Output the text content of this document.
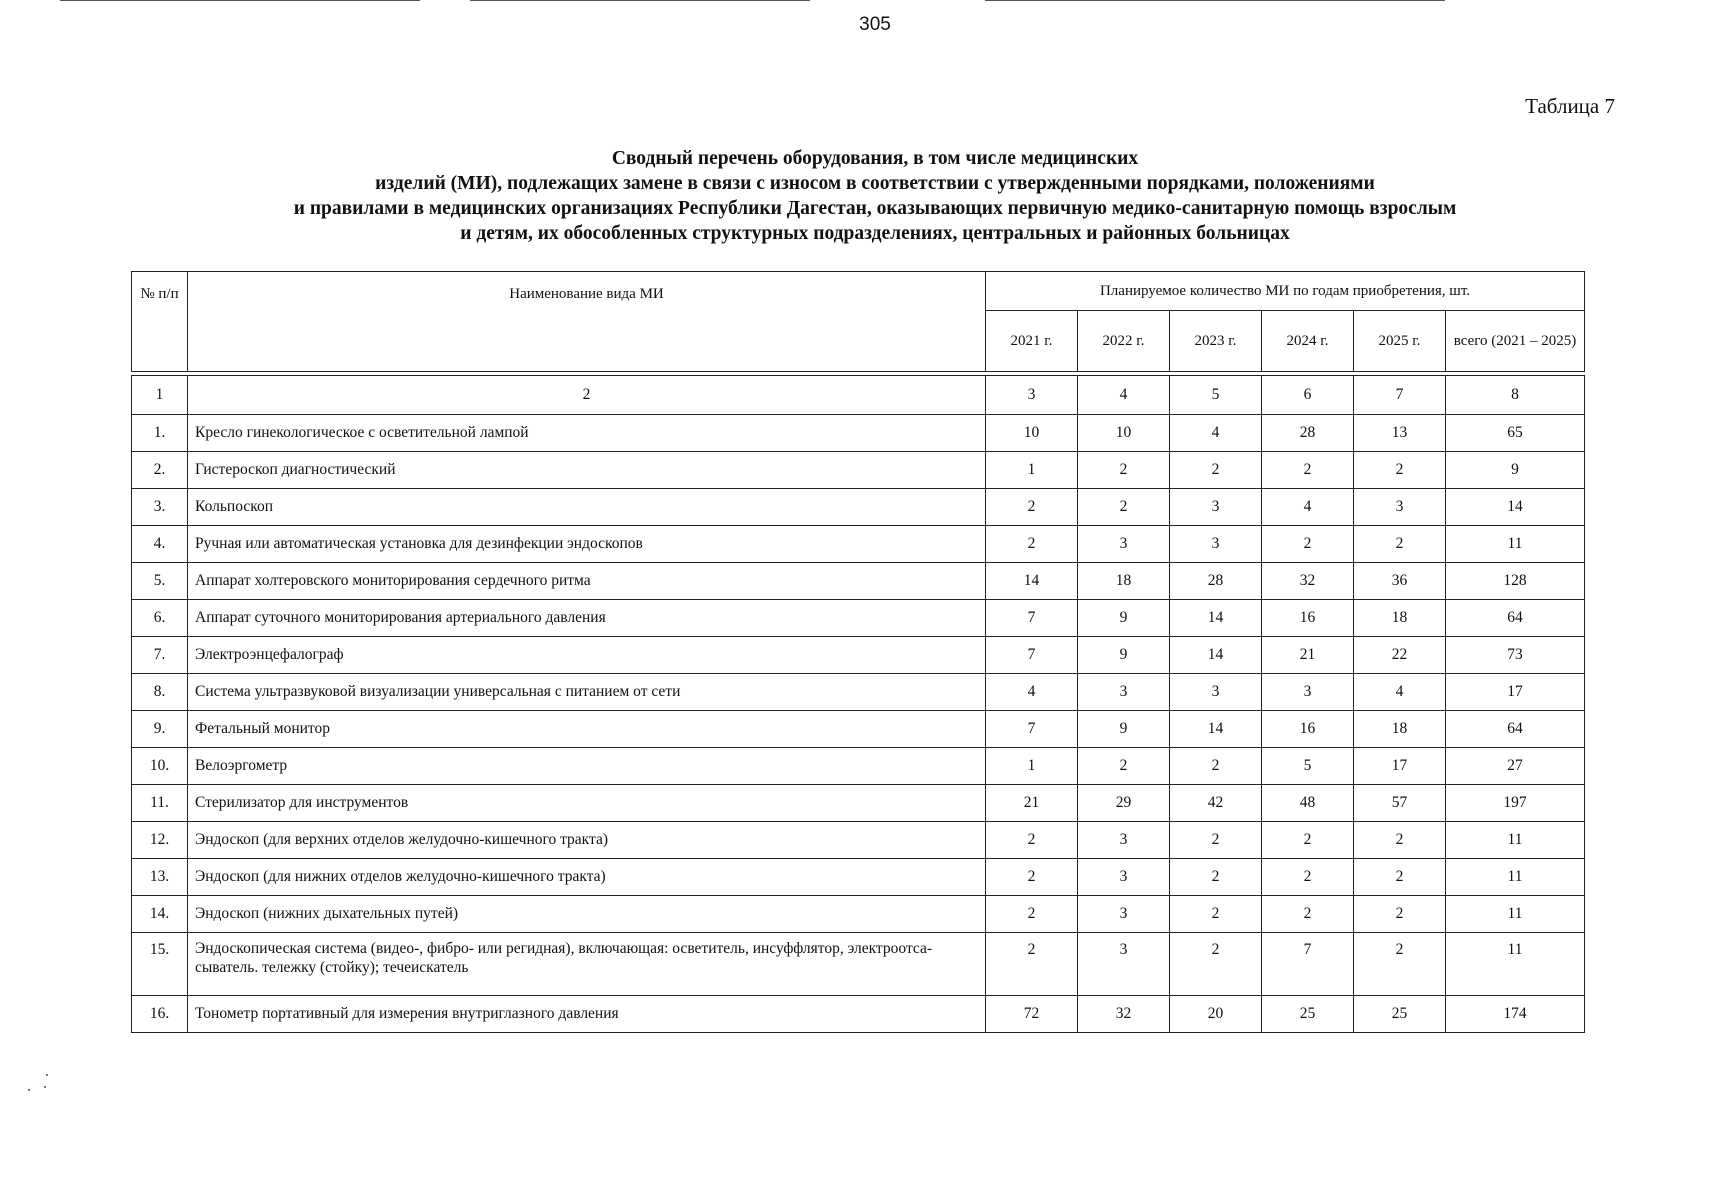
305
Таблица 7
Сводный перечень оборудования, в том числе медицинских
изделий (МИ), подлежащих замене в связи с износом в соответствии с утвержденными порядками, положениями
и правилами в медицинских организациях Республики Дагестан, оказывающих первичную медико-санитарную помощь взрослым
и детям, их обособленных структурных подразделениях, центральных и районных больницах
№ п/п	Наименование вида МИ	Планируемое количество МИ по годам приобретения, шт.					
		2021 г.	2022 г.	2023 г.	2024 г.	2025 г.	всего (2021 – 2025)

1	2	3	4	5	6	7	8
1.	Кресло гинекологическое с осветительной лампой	10	10	4	28	13	65
2.	Гистероскоп диагностический	1	2	2	2	2	9
3.	Кольпоскоп	2	2	3	4	3	14
4.	Ручная или автоматическая установка для дезинфекции эндоскопов	2	3	3	2	2	11
5.	Аппарат холтеровского мониторирования сердечного ритма	14	18	28	32	36	128
6.	Аппарат суточного мониторирования артериального давления	7	9	14	16	18	64
7.	Электроэнцефалограф	7	9	14	21	22	73
8.	Система ультразвуковой визуализации универсальная с питанием от сети	4	3	3	3	4	17
9.	Фетальный монитор	7	9	14	16	18	64
10.	Велоэргометр	1	2	2	5	17	27
11.	Стерилизатор для инструментов	21	29	42	48	57	197
12.	Эндоскоп (для верхних отделов желудочно-кишечного тракта)	2	3	2	2	2	11
13.	Эндоскоп (для нижних отделов желудочно-кишечного тракта)	2	3	2	2	2	11
14.	Эндоскоп (нижних дыхательных путей)	2	3	2	2	2	11
15.	Эндоскопическая система (видео-, фибро- или регидная), включающая: осветитель, инсуффлятор, электроотса-сыватель. тележку (стойку); течеискатель	2	3	2	7	2	11
16.	Тонометр портативный для измерения внутриглазного давления	72	32	20	25	25	174
